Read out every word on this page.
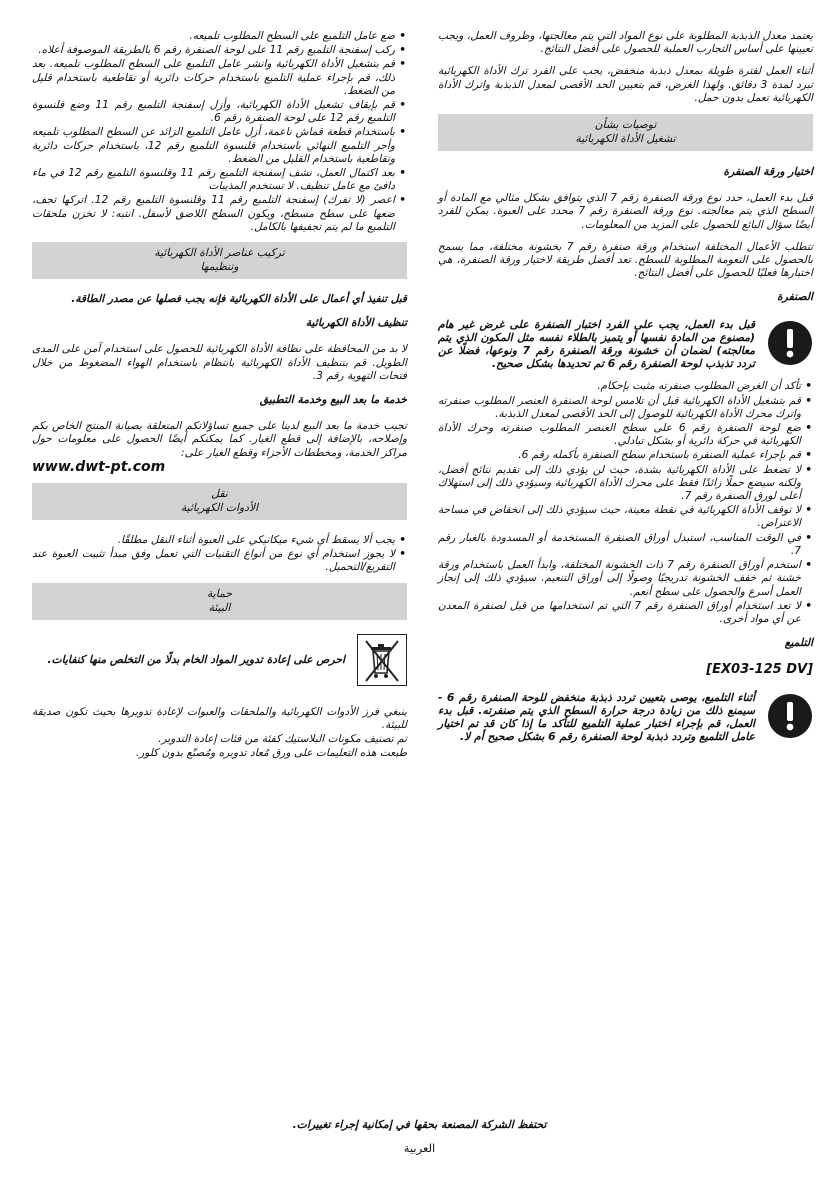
يعتمد معدل الذبذبة المطلوبة على نوع المواد التي يتم معالجتها، وظروف العمل، ويجب تعيينها على أساس التجارب العملية للحصول على أفضل النتائج.

أثناء العمل لفترة طويلة بمعدل ذبذبة منخفض، يجب على الفرد ترك الأداة الكهربائية تبرد لمدة 3 دقائق. ولهذا الغرض، قم بتعيين الحد الأقصى لمعدل الذبذبة واترك الأداة الكهربائية تعمل بدون حمل.

توصيات بشأن
تشغيل الأداة الكهربائية
اختيار ورقة الصنفرة

قبل بدء العمل، حدد نوع ورقة الصنفرة رقم 7 الذي يتوافق بشكل مثالي مع المادة أو السطح الذي يتم معالجته. نوع ورقة الصنفرة رقم 7 محدد على العبوة. يمكن للفرد أيضًا سؤال البائع للحصول على المزيد من المعلومات.

تتطلب الأعمال المختلفة استخدام ورقة صنفرة رقم 7 بخشونة مختلفة، مما يسمح بالحصول على النعومة المطلوبة للسطح. تعد أفضل طريقة لاختيار ورقة الصنفرة، هي اختبارها فعليًا للحصول على أفضل النتائج.

الصنفرة
قبل بدء العمل، يجب على الفرد اختبار الصنفرة على غرض غير هام (مصنوع من المادة نفسها أو يتميز بالطلاء نفسه مثل المكون الذي يتم معالجته) لضمان أن خشونة ورقة الصنفرة رقم 7 ونوعها، فضلًا عن تردد تذبذب لوحة الصنفرة رقم 6 تم تحديدها بشكل صحيح.
• تأكد أن الغرض المطلوب صنفرته مثبت بإحكام.
• قم بتشغيل الأداة الكهربائية قبل أن تلامس لوحة الصنفرة العنصر المطلوب صنفرته واترك محرك الأداة الكهربائية للوصول إلى الحد الأقصى لمعدل الذبذبة.
• ضع لوحة الصنفرة رقم 6 على سطح العنصر المطلوب صنفرته وحرك الأداة الكهربائية في حركة دائرية أو بشكل تبادلي.
• قم بإجراء عملية الصنفرة باستخدام سطح الصنفرة بأكمله رقم 6.
• لا تضغط على الأداة الكهربائية بشدة، حيث لن يؤدي ذلك إلى تقديم نتائج أفضل، ولكنه سيضع حملًا زائدًا فقط على محرك الأداة الكهربائية وسيؤدي ذلك إلى استهلاك أعلى لورق الصنفرة رقم 7.
• لا توقف الأداة الكهربائية في نقطة معينة، حيث سيؤدي ذلك إلى انخفاض في مساحة الاعتراض.
• في الوقت المناسب، استبدل أوراق الصنفرة المستخدمة أو المسدودة بالغبار رقم 7.
• استخدم أوراق الصنفرة رقم 7 ذات الخشونة المختلفة، وابدأ العمل باستخدام ورقة خشنة ثم خفف الخشونة تدريجيًا وصولًا إلى أوراق التنعيم. سيؤدي ذلك إلى إنجاز العمل أسرع والحصول على سطح أنعم.
• لا تعد استخدام أوراق الصنفرة رقم 7 التي تم استخدامها من قبل لصنفرة المعدن عن أي مواد أخرى.
التلميع
[EX03-125 DV]
أثناء التلميع، يوصى بتعيين تردد ذبذبة منخفض للوحة الصنفرة رقم 6 - سيمنع ذلك من زيادة درجة حرارة السطح الذي يتم صنفرته. قبل بدء العمل، قم بإجراء اختبار عملية التلميع للتأكد ما إذا كان قد تم اختيار عامل التلميع وتردد ذبذبة لوحة الصنفرة رقم 6 بشكل صحيح أم لا.
• ضع عامل التلميع على السطح المطلوب تلميعه.
• ركب إسفنجة التلميع رقم 11 على لوحة الصنفرة رقم 6 بالطريقة الموصوفة أعلاه.
• قم بتشغيل الأداة الكهربائية وانشر عامل التلميع على السطح المطلوب تلميعه. بعد ذلك، قم بإجراء عملية التلميع باستخدام حركات دائرية أو تقاطعية باستخدام قليل من الضغط.
• قم بإيقاف تشغيل الأداة الكهربائية، وأزل إسفنجة التلميع رقم 11 وضع قلنسوة التلميع رقم 12 على لوحة الصنفرة رقم 6.
• باستخدام قطعة قماش ناعمة، أزل عامل التلميع الزائد عن السطح المطلوب تلميعه وأجر التلميع النهائي باستخدام قلنسوة التلميع رقم 12، باستخدام حركات دائرية وتقاطعية باستخدام القليل من الضغط.
• بعد اكتمال العمل، نشف إسفنجة التلميع رقم 11 وقلنسوة التلميع رقم 12 في ماء دافئ مع عامل تنظيف. لا تستخدم المذيبات
• اعصر (لا تفرك) إسفنجة التلميع رقم 11 وقلنسوة التلميع رقم 12. اتركها تجف، ضعها على سطح مسطح، ويكون السطح اللاصق لأسفل. انتبه: لا تخزن ملحقات التلميع ما لم يتم تجفيفها بالكامل.
تركيب عناصر الأداة الكهربائية
وتنظيمها

قبل تنفيذ أي أعمال على الأداة الكهربائية فإنه يجب فصلها عن مصدر الطاقة.

تنظيف الأداة الكهربائية

لا بد من المحافظة على نظافة الأداة الكهربائية للحصول على استخدام آمن على المدى الطويل. قم بتنظيف الأداة الكهربائية بانتظام باستخدام الهواء المضغوط من خلال فتحات التهوية رقم 3.

خدمة ما بعد البيع وخدمة التطبيق

تجيب خدمة ما بعد البيع لدينا على جميع تساؤلاتكم المتعلقة بصيانة المنتج الخاص بكم وإصلاحه، بالإضافة إلى قطع الغيار. كما يمكنكم أيضًا الحصول على معلومات حول مراكز الخدمة، ومخططات الأجزاء وقطع الغيار على:
www.dwt-pt.com

نقل
الأدوات الكهربائية
• يجب ألا يسقط أي شيء ميكانيكي على العبوة أثناء النقل مطلقًا.
• لا يجوز استخدام أي نوع من أنواع التقنيات التي تعمل وفق مبدأ تثبيت العبوة عند التفريغ/التحميل.
حماية
البيئة
احرص على إعادة تدوير المواد الخام بدلًا من التخلص منها كنفايات.

ينبغي فرز الأدوات الكهربائية والملحقات والعبوات لإعادة تدويرها بحيث تكون صديقة للبيئة.

تم تصنيف مكونات البلاستيك كفئة من فئات إعادة التدوير.

طبعت هذه التعليمات على ورق مُعاد تدويره ومُصنّع بدون كلور.

تحتفظ الشركة المصنعة بحقها في إمكانية إجراء تغييرات.
العربية
